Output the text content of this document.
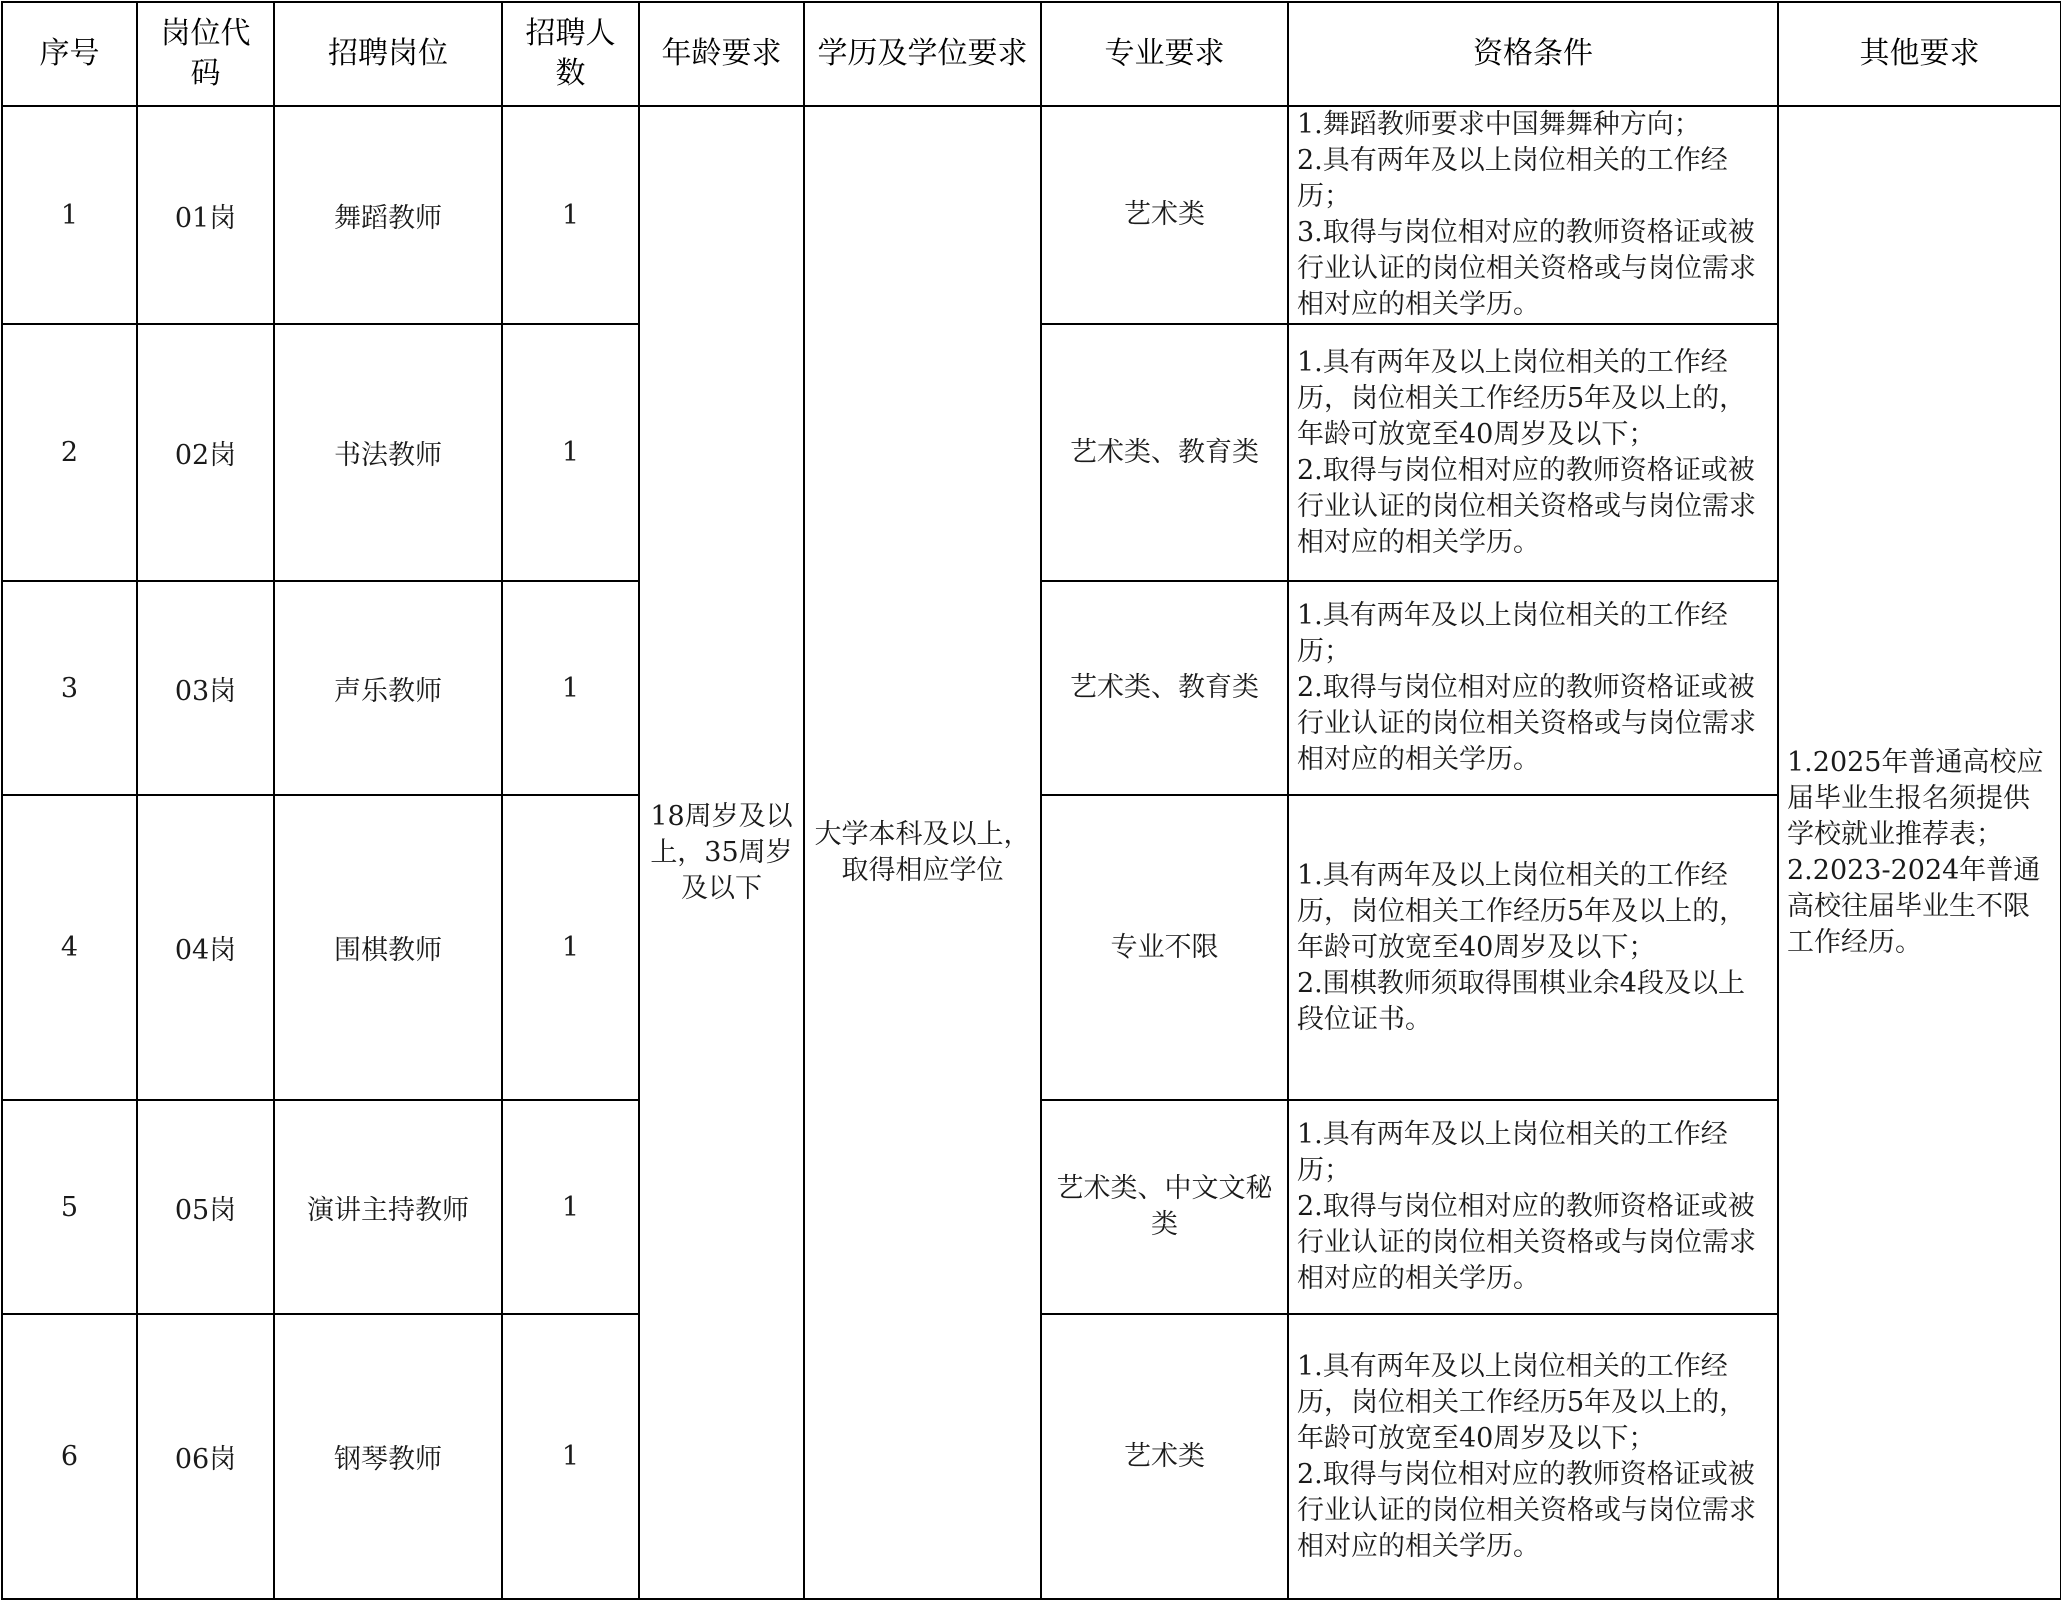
序号	岗位代码	招聘岗位	招聘人数	年龄要求	学历及学位要求	专业要求	资格条件	其他要求
1	01岗	舞蹈教师	1	18周岁及以上，35周岁及以下	大学本科及以上，取得相应学位	艺术类	1.舞蹈教师要求中国舞舞种方向；
2.具有两年及以上岗位相关的工作经历；
3.取得与岗位相对应的教师资格证或被行业认证的岗位相关资格或与岗位需求相对应的相关学历。	1.2025年普通高校应届毕业生报名须提供学校就业推荐表；2.2023-2024年普通高校往届毕业生不限工作经历。
2	02岗	书法教师	1			艺术类、教育类	1.具有两年及以上岗位相关的工作经历，岗位相关工作经历5年及以上的，年龄可放宽至40周岁及以下；
2.取得与岗位相对应的教师资格证或被行业认证的岗位相关资格或与岗位需求相对应的相关学历。	

3	03岗	声乐教师	1			艺术类、教育类	1.具有两年及以上岗位相关的工作经历；
2.取得与岗位相对应的教师资格证或被行业认证的岗位相关资格或与岗位需求相对应的相关学历。	

4	04岗	围棋教师	1			专业不限	1.具有两年及以上岗位相关的工作经历，岗位相关工作经历5年及以上的，年龄可放宽至40周岁及以下；
2.围棋教师须取得围棋业余4段及以上段位证书。	

5	05岗	演讲主持教师	1			艺术类、中文文秘类	1.具有两年及以上岗位相关的工作经历；
2.取得与岗位相对应的教师资格证或被行业认证的岗位相关资格或与岗位需求相对应的相关学历。	

6	06岗	钢琴教师	1			艺术类	1.具有两年及以上岗位相关的工作经历，岗位相关工作经历5年及以上的，年龄可放宽至40周岁及以下；
2.取得与岗位相对应的教师资格证或被行业认证的岗位相关资格或与岗位需求相对应的相关学历。	
